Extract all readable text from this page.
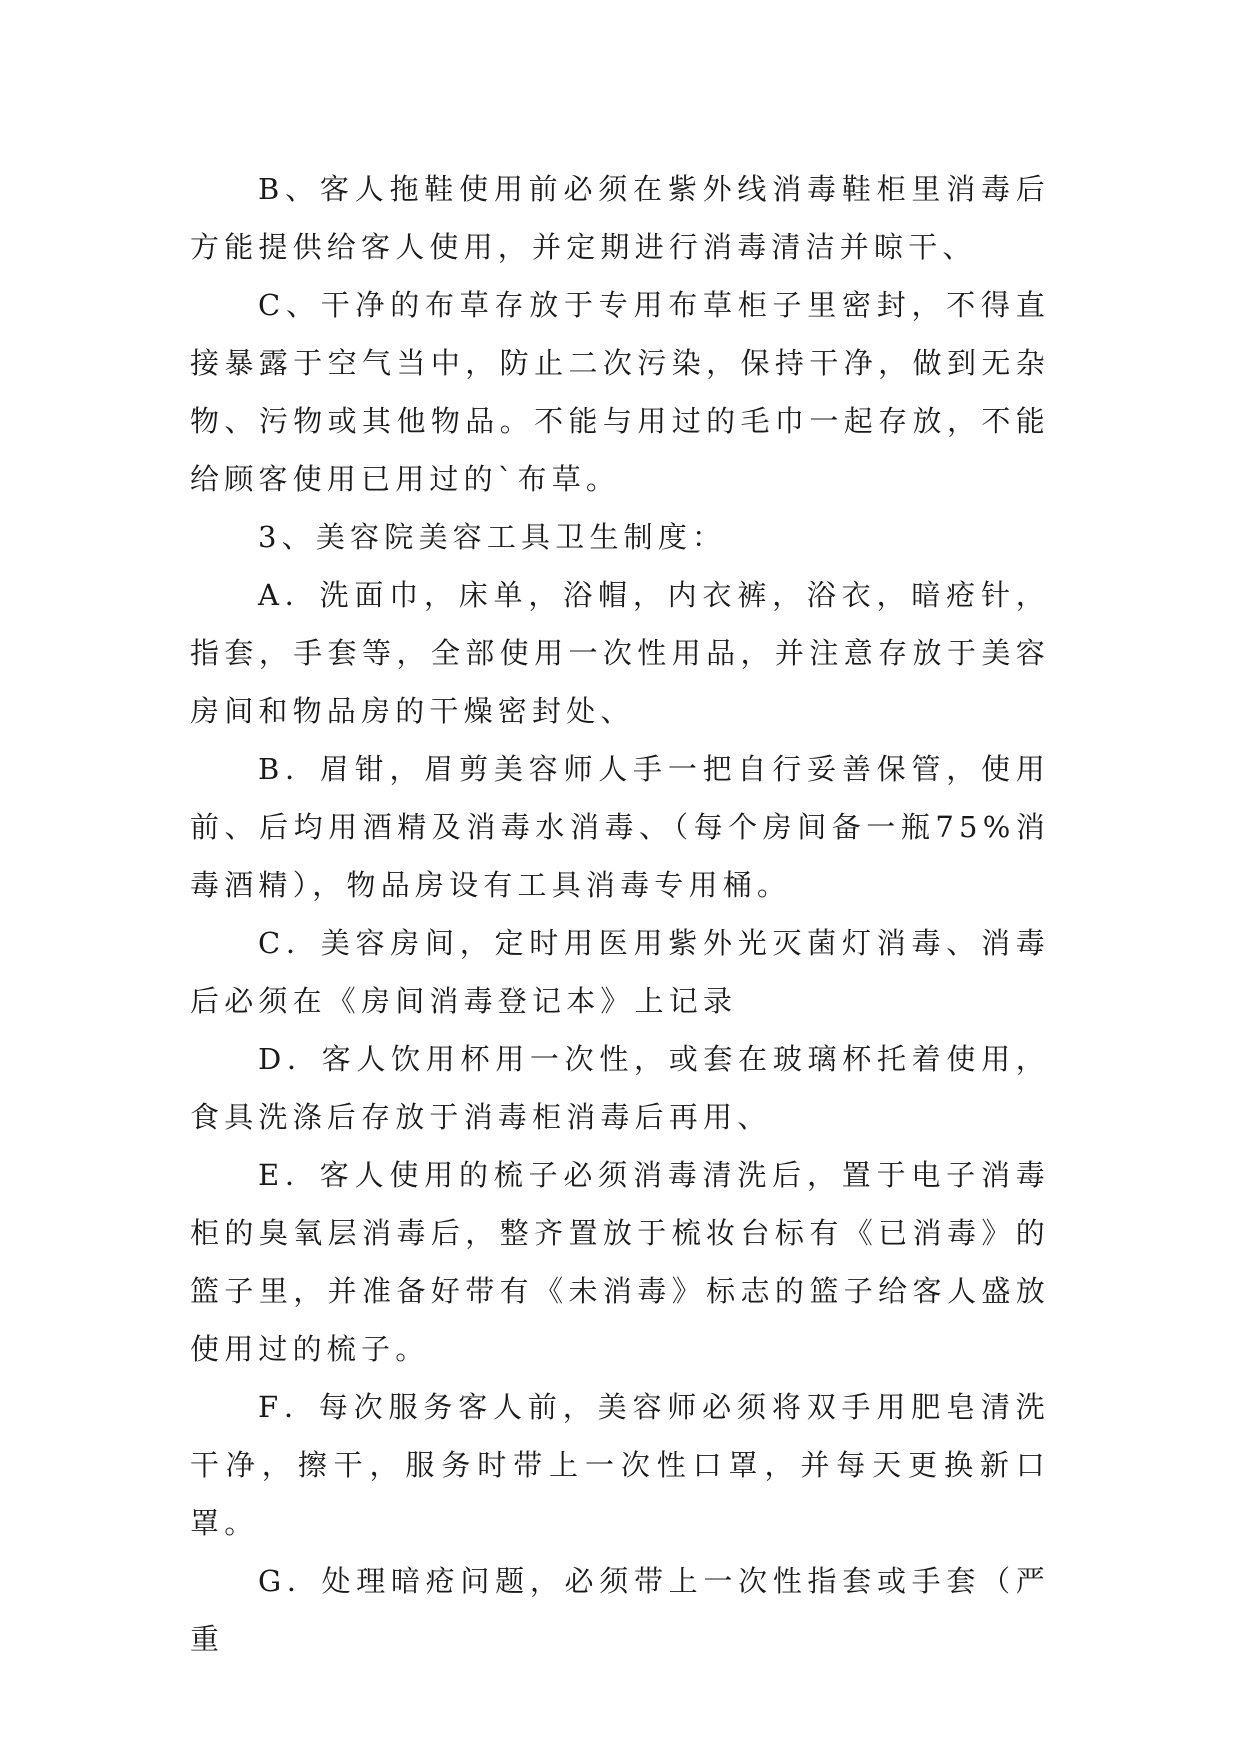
B、客人拖鞋使用前必须在紫外线消毒鞋柜里消毒后方能提供给客人使用，并定期进行消毒清洁并晾干、

C、干净的布草存放于专用布草柜子里密封，不得直接暴露于空气当中，防止二次污染，保持干净，做到无杂物、污物或其他物品。不能与用过的毛巾一起存放，不能给顾客使用已用过的`布草。

3、美容院美容工具卫生制度：

A．洗面巾，床单，浴帽，内衣裤，浴衣，暗疮针，指套，手套等，全部使用一次性用品，并注意存放于美容房间和物品房的干燥密封处、

B．眉钳，眉剪美容师人手一把自行妥善保管，使用前、后均用酒精及消毒水消毒、（每个房间备一瓶75%消毒酒精），物品房设有工具消毒专用桶。

C．美容房间，定时用医用紫外光灭菌灯消毒、消毒后必须在《房间消毒登记本》上记录

D．客人饮用杯用一次性，或套在玻璃杯托着使用，食具洗涤后存放于消毒柜消毒后再用、

E．客人使用的梳子必须消毒清洗后，置于电子消毒柜的臭氧层消毒后，整齐置放于梳妆台标有《已消毒》的篮子里，并准备好带有《未消毒》标志的篮子给客人盛放使用过的梳子。

F．每次服务客人前，美容师必须将双手用肥皂清洗干净，擦干，服务时带上一次性口罩，并每天更换新口罩。

G．处理暗疮问题，必须带上一次性指套或手套（严重
